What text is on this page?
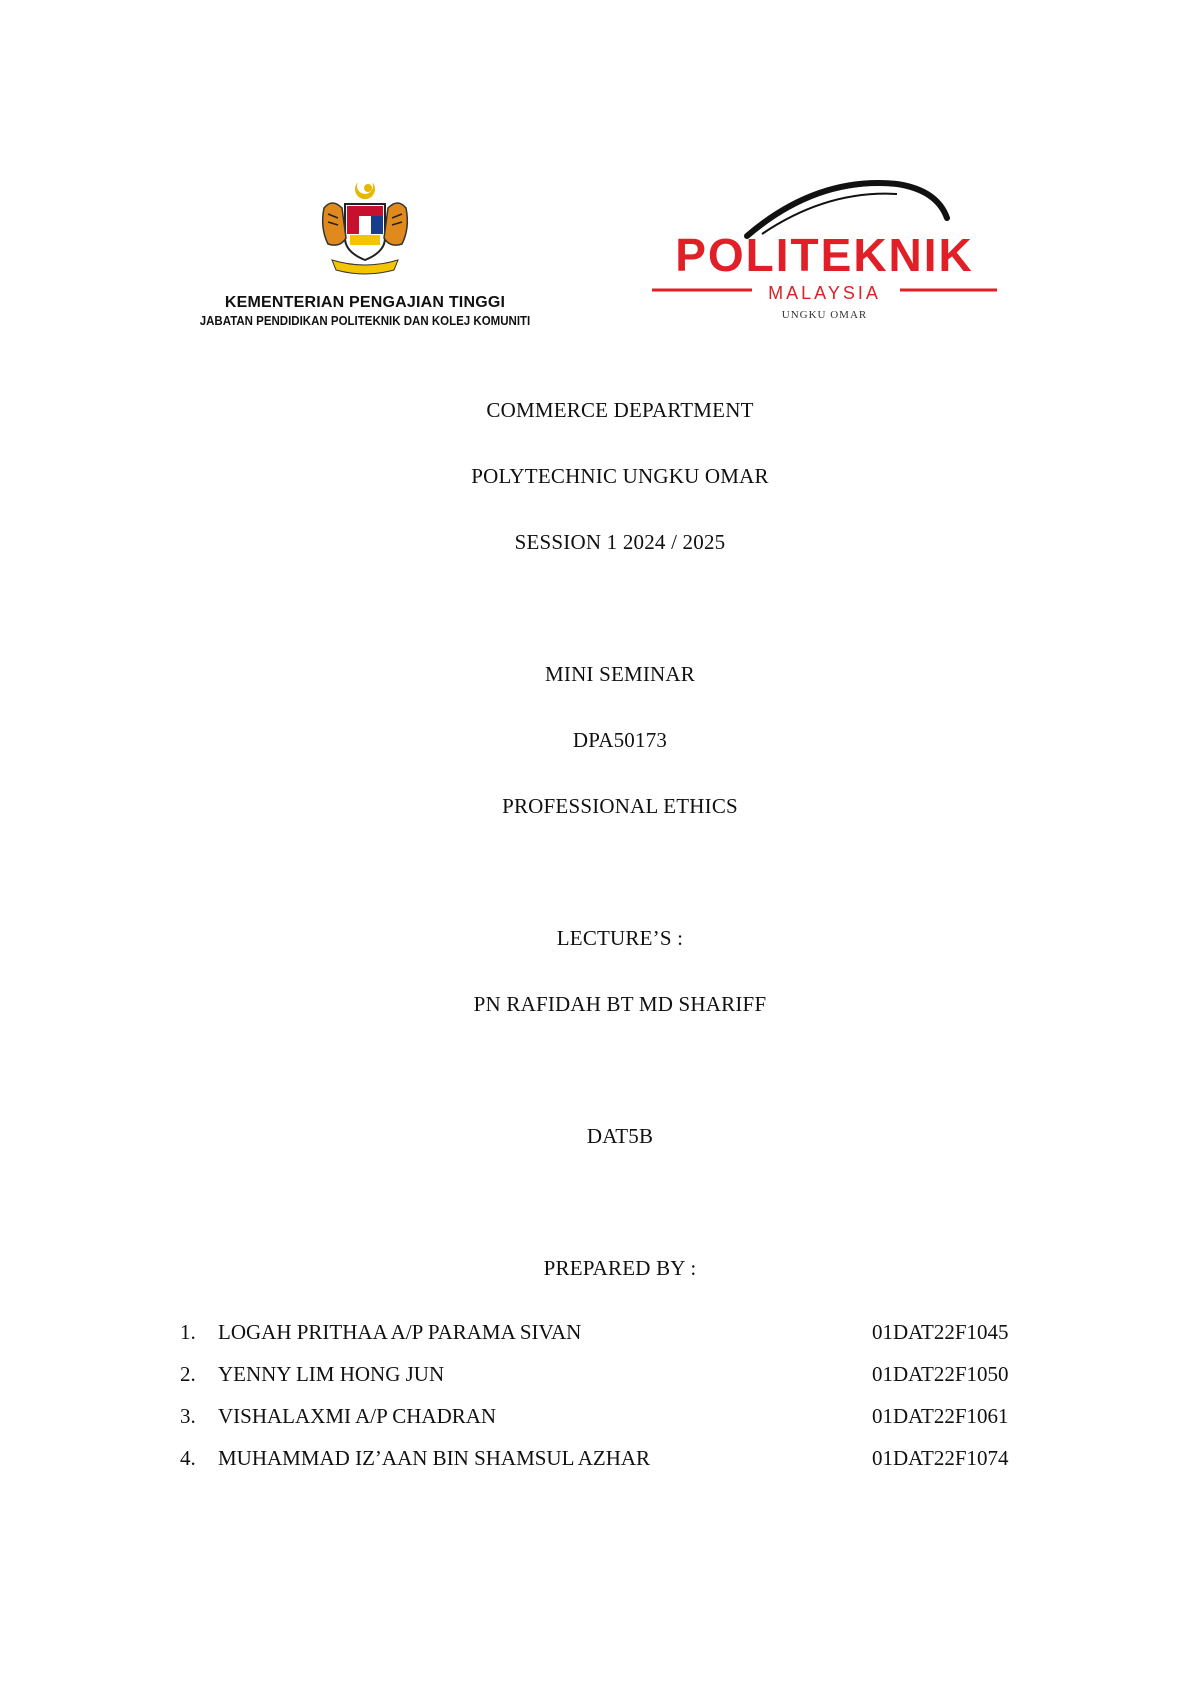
KEMENTERIAN PENGAJIAN TINGGI
JABATAN PENDIDIKAN POLITEKNIK DAN KOLEJ KOMUNITI
POLITEKNIK
MALAYSIA
UNGKU OMAR
COMMERCE DEPARTMENT
POLYTECHNIC UNGKU OMAR
SESSION 1 2024 / 2025
MINI SEMINAR
DPA50173
PROFESSIONAL ETHICS
LECTURE’S :
PN RAFIDAH BT MD SHARIFF
DAT5B
PREPARED BY :
1. LOGAH PRITHAA A/P PARAMA SIVAN	01DAT22F1045
2. YENNY LIM HONG JUN	01DAT22F1050
3. VISHALAXMI A/P CHADRAN	01DAT22F1061
4. MUHAMMAD IZ’AAN BIN SHAMSUL AZHAR	01DAT22F1074
